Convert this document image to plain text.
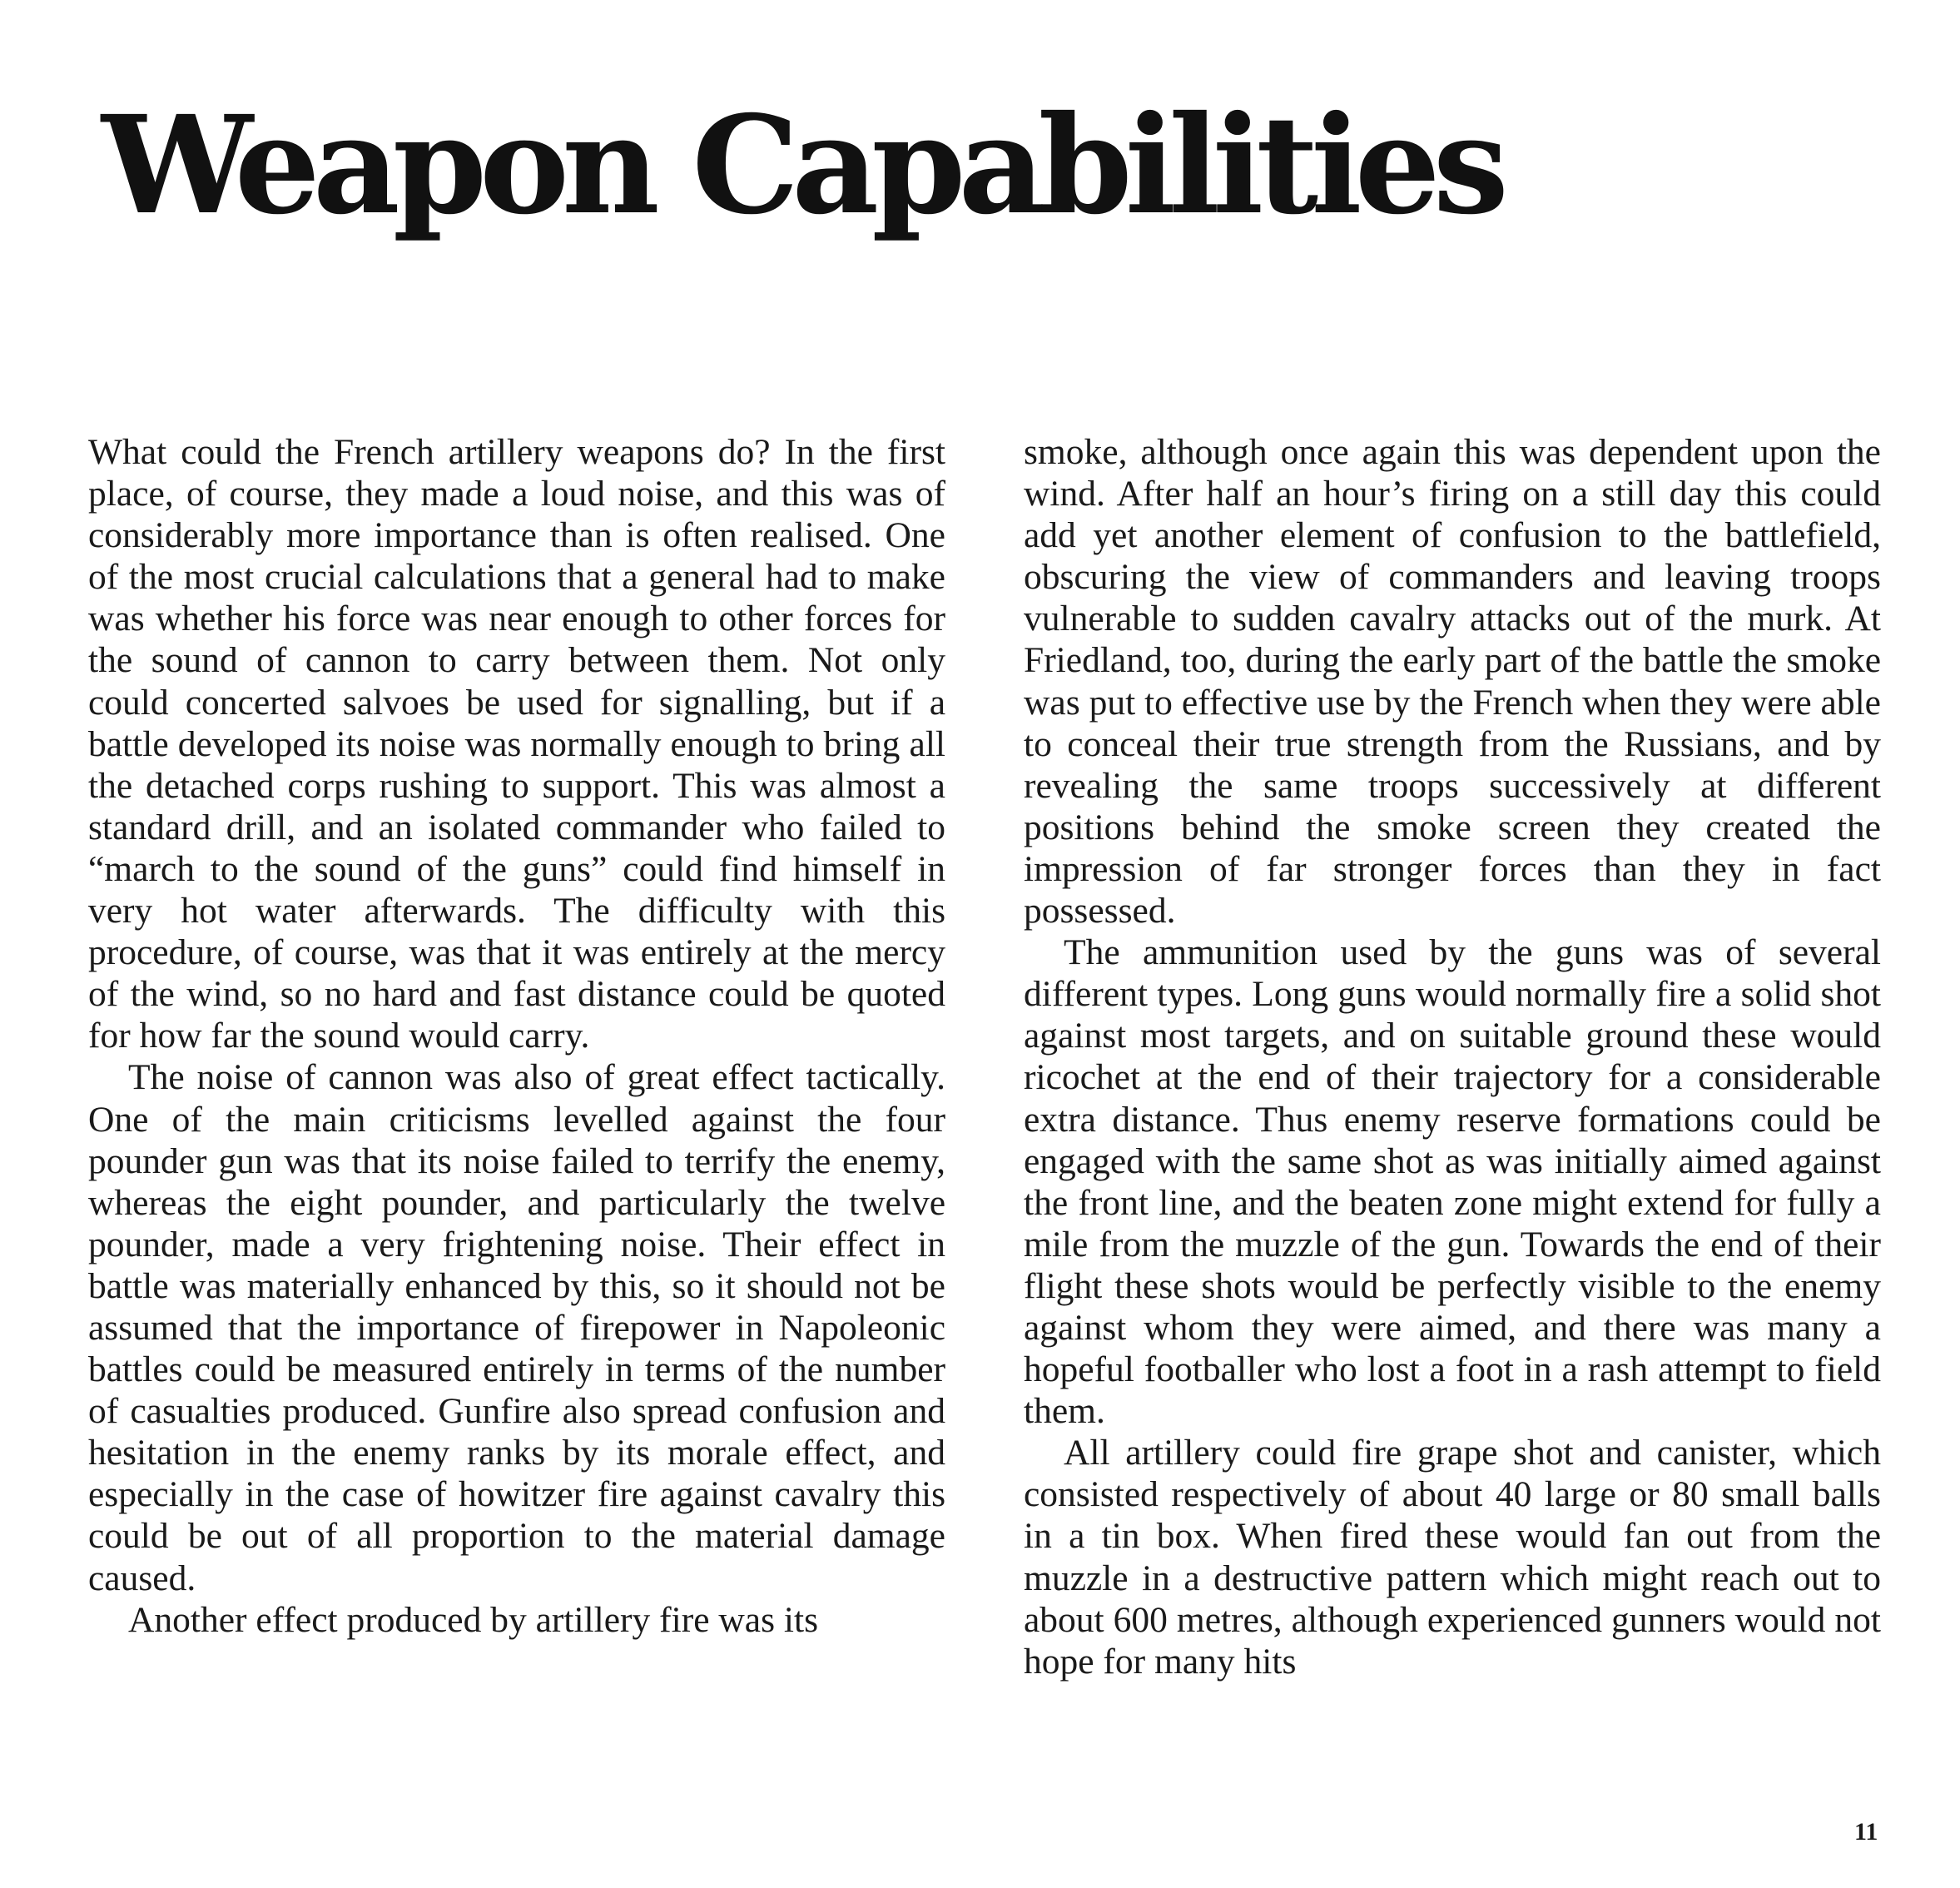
Weapon Capabilities

What could the French artillery weapons do? In the first place, of course, they made a loud noise, and this was of considerably more importance than is often realised. One of the most crucial calculations that a general had to make was whether his force was near enough to other forces for the sound of cannon to carry between them. Not only could concerted salvoes be used for signalling, but if a battle developed its noise was normally enough to bring all the detached corps rushing to support. This was almost a standard drill, and an isolated commander who failed to “march to the sound of the guns” could find himself in very hot water afterwards. The difficulty with this procedure, of course, was that it was entirely at the mercy of the wind, so no hard and fast distance could be quoted for how far the sound would carry.

The noise of cannon was also of great effect tactically. One of the main criticisms levelled against the four pounder gun was that its noise failed to terrify the enemy, whereas the eight pounder, and particularly the twelve pounder, made a very frightening noise. Their effect in battle was materially enhanced by this, so it should not be assumed that the importance of firepower in Napoleonic battles could be measured entirely in terms of the number of casualties produced. Gunfire also spread confusion and hesitation in the enemy ranks by its morale effect, and especially in the case of howitzer fire against cavalry this could be out of all proportion to the material damage caused.

Another effect produced by artillery fire was its

smoke, although once again this was dependent upon the wind. After half an hour’s firing on a still day this could add yet another element of confusion to the battlefield, obscuring the view of commanders and leaving troops vulnerable to sudden cavalry attacks out of the murk. At Friedland, too, during the early part of the battle the smoke was put to effective use by the French when they were able to conceal their true strength from the Russians, and by revealing the same troops successively at different positions behind the smoke screen they created the impression of far stronger forces than they in fact possessed.

The ammunition used by the guns was of several different types. Long guns would normally fire a solid shot against most targets, and on suitable ground these would ricochet at the end of their trajectory for a considerable extra distance. Thus enemy reserve formations could be engaged with the same shot as was initially aimed against the front line, and the beaten zone might extend for fully a mile from the muzzle of the gun. Towards the end of their flight these shots would be perfectly visible to the enemy against whom they were aimed, and there was many a hopeful footballer who lost a foot in a rash attempt to field them.

All artillery could fire grape shot and canister, which consisted respectively of about 40 large or 80 small balls in a tin box. When fired these would fan out from the muzzle in a destructive pattern which might reach out to about 600 metres, although experienced gunners would not hope for many hits

11
